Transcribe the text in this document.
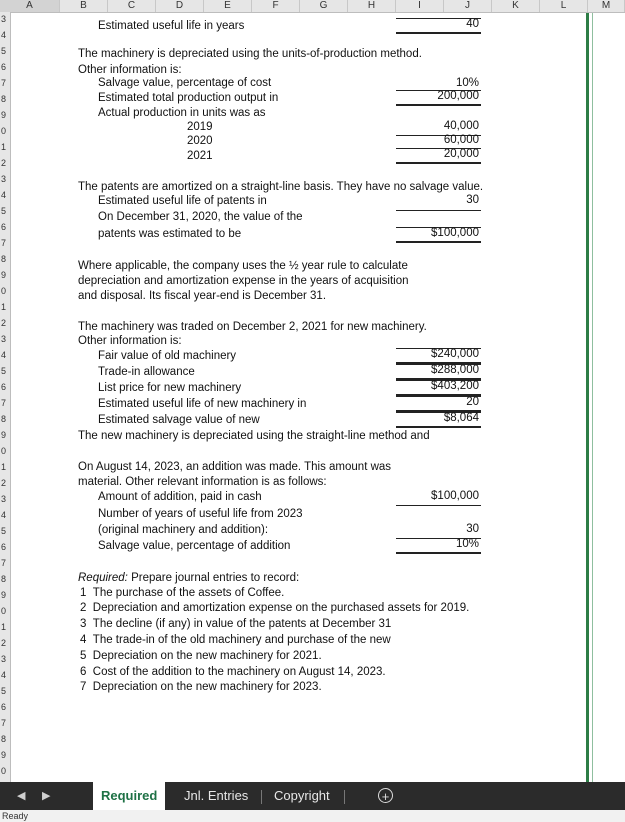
A	B	C	D	E	F	G	H	I	J	K	L	M
3
4
5
6
7
8
9
0
1
2
3
4
5
6
7
8
9
0
1
2
3
4
5
6
7
8
9
0
1
2
3
4
5
6
7
8
9
0
1
2
3
4
5
6
7
8
9
0
Estimated useful life in years	40
The machinery is depreciated using the units-of-production method.
Other information is:
Salvage value, percentage of cost	10%
Estimated total production output in	200,000
Actual production in units was as
2019	40,000
2020	60,000
2021	20,000
The patents are amortized on a straight-line basis. They have no salvage value.
Estimated useful life of patents in	30
On December 31, 2020, the value of the
patents was estimated to be	$100,000
Where applicable, the company uses the ½ year rule to calculate
depreciation and amortization expense in the years of acquisition
and disposal. Its fiscal year-end is December 31.
The machinery was traded on December 2, 2021 for new machinery.
Other information is:
Fair value of old machinery	$240,000
Trade-in allowance	$288,000
List price for new machinery	$403,200
Estimated useful life of new machinery in	20
Estimated salvage value of new	$8,064
The new machinery is depreciated using the straight-line method and
On August 14, 2023, an addition was made. This amount was
material. Other relevant information is as follows:
Amount of addition, paid in cash	$100,000
Number of years of useful life from 2023
(original machinery and addition):	30
Salvage value, percentage of addition	10%
Required: Prepare journal entries to record:
1 The purchase of the assets of Coffee.
2 Depreciation and amortization expense on the purchased assets for 2019.
3 The decline (if any) in value of the patents at December 31
4 The trade-in of the old machinery and purchase of the new
5 Depreciation on the new machinery for 2021.
6 Cost of the addition to the machinery on August 14, 2023.
7 Depreciation on the new machinery for 2023.
◀ ▶	Required	Jnl. Entries	Copyright	+
Ready
